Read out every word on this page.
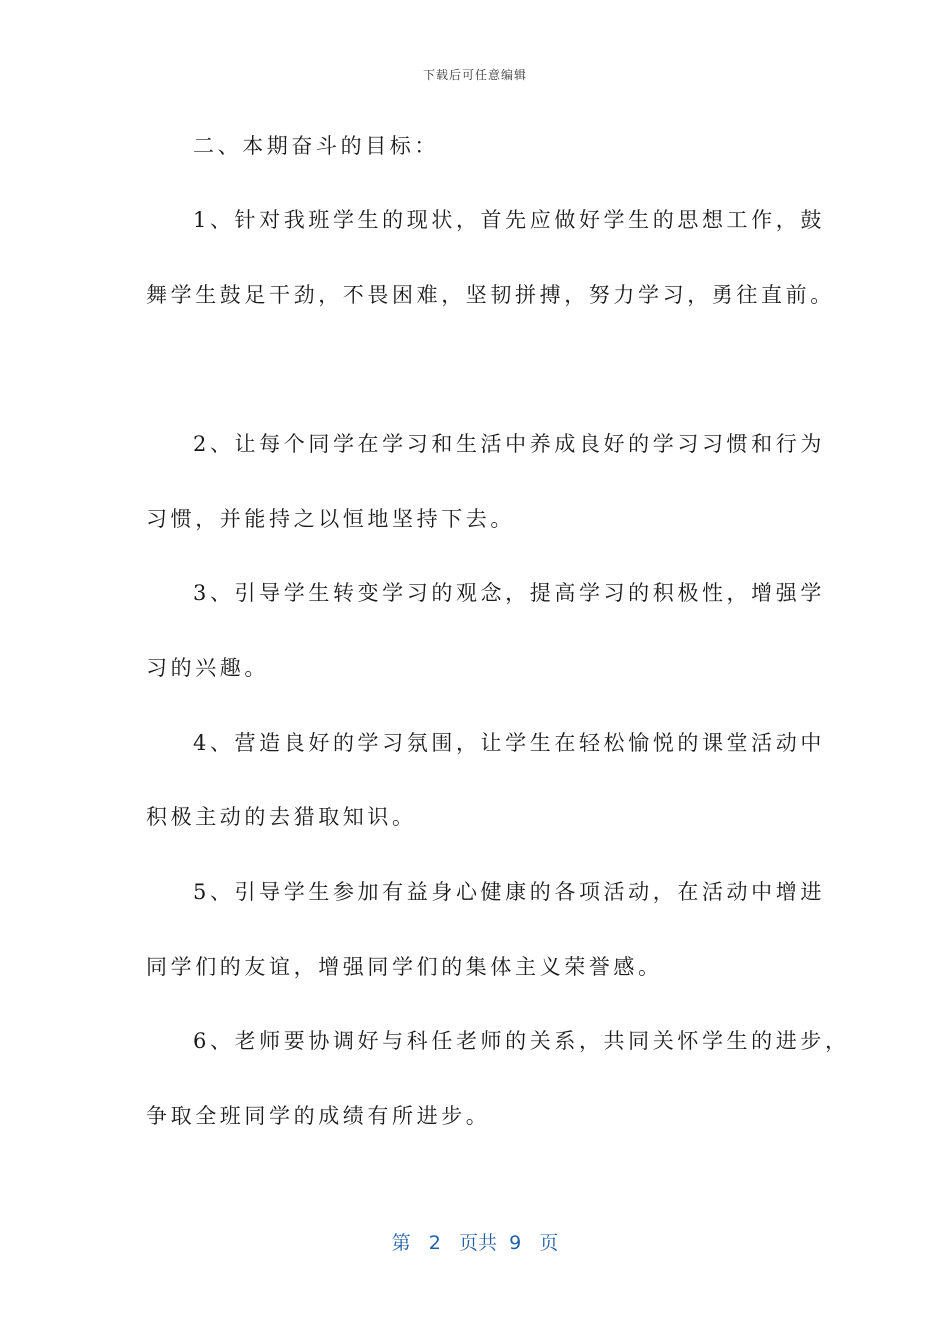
下载后可任意编辑
二、本期奋斗的目标：
1、针对我班学生的现状，首先应做好学生的思想工作，鼓
舞学生鼓足干劲，不畏困难，坚韧拼搏，努力学习，勇往直前。
2、让每个同学在学习和生活中养成良好的学习习惯和行为
习惯，并能持之以恒地坚持下去。
3、引导学生转变学习的观念，提高学习的积极性，增强学
习的兴趣。
4、营造良好的学习氛围，让学生在轻松愉悦的课堂活动中
积极主动的去猎取知识。
5、引导学生参加有益身心健康的各项活动，在活动中增进
同学们的友谊，增强同学们的集体主义荣誉感。
6、老师要协调好与科任老师的关系，共同关怀学生的进步，
争取全班同学的成绩有所进步。
第 2 页共 9 页
